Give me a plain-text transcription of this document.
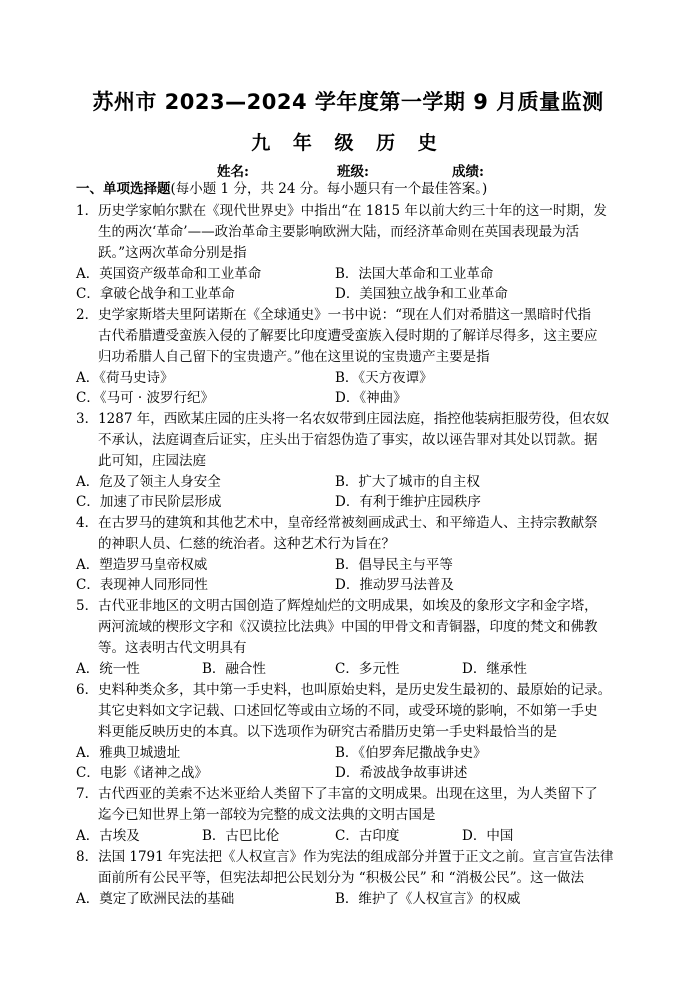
苏州市 2023—2024 学年度第一学期 9 月质量监测
九 年 级 历 史
姓名:	班级:	成绩:
一、单项选择题(每小题 1 分，共 24 分。每小题只有一个最佳答案。)
1．历史学家帕尔默在《现代世界史》中指出“在 1815 年以前大约三十年的这一时期，发
生的两次‘革命’——政治革命主要影响欧洲大陆，而经济革命则在英国表现最为活
跃。”这两次革命分别是指
A．英国资产级革命和工业革命	B．法国大革命和工业革命
C．拿破仑战争和工业革命	D．美国独立战争和工业革命
2．史学家斯塔夫里阿诺斯在《全球通史》一书中说：“现在人们对希腊这一黑暗时代指
古代希腊遭受蛮族入侵的了解要比印度遭受蛮族入侵时期的了解详尽得多，这主要应
归功希腊人自己留下的宝贵遗产。”他在这里说的宝贵遗产主要是指
A．《荷马史诗》	B．《天方夜谭》
C．《马可 · 波罗行纪》	D．《神曲》
3．1287 年，西欧某庄园的庄头将一名农奴带到庄园法庭，指控他装病拒服劳役，但农奴
不承认，法庭调查后证实，庄头出于宿怨伪造了事实，故以诬告罪对其处以罚款。据
此可知，庄园法庭
A．危及了领主人身安全	B．扩大了城市的自主权
C．加速了市民阶层形成	D．有利于维护庄园秩序
4．在古罗马的建筑和其他艺术中，皇帝经常被刻画成武士、和平缔造人、主持宗教献祭
的神职人员、仁慈的统治者。这种艺术行为旨在？
A．塑造罗马皇帝权威	B．倡导民主与平等
C．表现神人同形同性	D．推动罗马法普及
5．古代亚非地区的文明古国创造了辉煌灿烂的文明成果，如埃及的象形文字和金字塔，
两河流域的楔形文字和《汉谟拉比法典》中国的甲骨文和青铜器，印度的梵文和佛教
等。这表明古代文明具有
A．统一性	B．融合性	C．多元性	D．继承性
6．史料种类众多，其中第一手史料，也叫原始史料，是历史发生最初的、最原始的记录。
其它史料如文字记载、口述回忆等或由立场的不同，或受环境的影响，不如第一手史
料更能反映历史的本真。以下选项作为研究古希腊历史第一手史料最恰当的是
A．雅典卫城遗址	B．《伯罗奔尼撒战争史》
C．电影《诸神之战》	D．希波战争故事讲述
7．古代西亚的美索不达米亚给人类留下了丰富的文明成果。出现在这里，为人类留下了
迄今已知世界上第一部较为完整的成文法典的文明古国是
A．古埃及	B．古巴比伦	C．古印度	D．中国
8．法国 1791 年宪法把《人权宣言》作为宪法的组成部分并置于正文之前。宣言宣告法律
面前所有公民平等，但宪法却把公民划分为 “积极公民” 和 “消极公民”。这一做法
A．奠定了欧洲民法的基础	B．维护了《人权宣言》的权威
